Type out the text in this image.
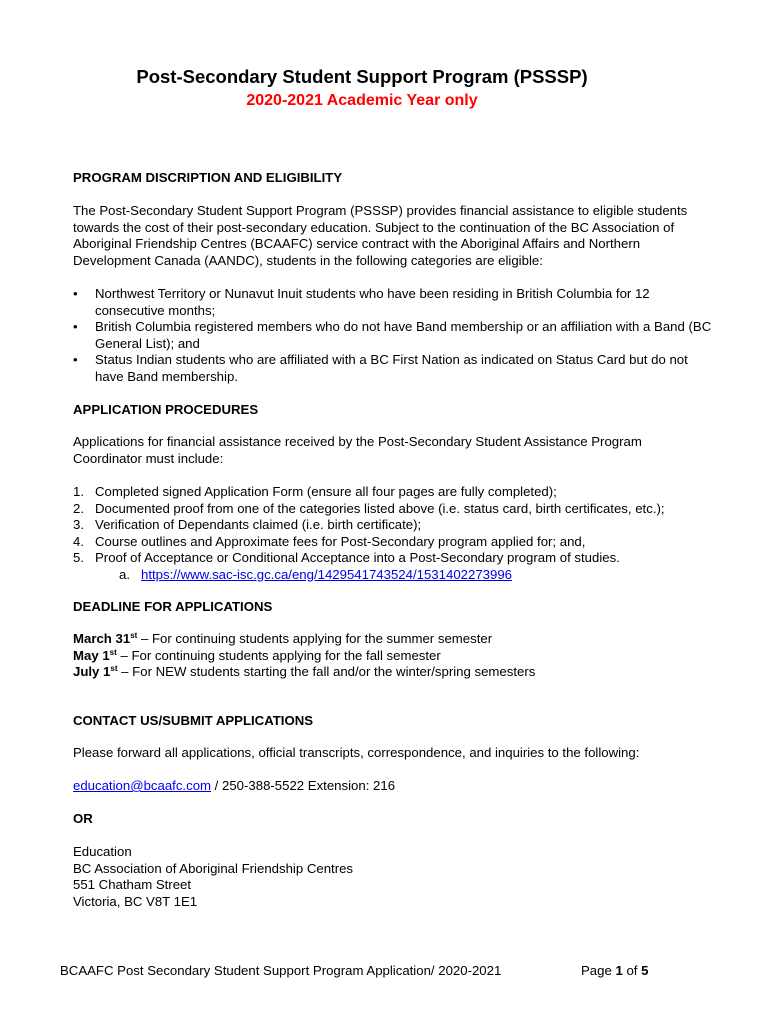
Post-Secondary Student Support Program (PSSSP)
2020-2021 Academic Year only

PROGRAM DISCRIPTION AND ELIGIBILITY

The Post-Secondary Student Support Program (PSSSP) provides financial assistance to eligible students towards the cost of their post-secondary education. Subject to the continuation of the BC Association of Aboriginal Friendship Centres (BCAAFC) service contract with the Aboriginal Affairs and Northern Development Canada (AANDC), students in the following categories are eligible:

•	Northwest Territory or Nunavut Inuit students who have been residing in British Columbia for 12 consecutive months;
•	British Columbia registered members who do not have Band membership or an affiliation with a Band (BC General List); and
•	Status Indian students who are affiliated with a BC First Nation as indicated on Status Card but do not have Band membership.

APPLICATION PROCEDURES

Applications for financial assistance received by the Post-Secondary Student Assistance Program Coordinator must include:

1. Completed signed Application Form (ensure all four pages are fully completed);
2. Documented proof from one of the categories listed above (i.e. status card, birth certificates, etc.);
3. Verification of Dependants claimed (i.e. birth certificate);
4. Course outlines and Approximate fees for Post-Secondary program applied for; and,
5. Proof of Acceptance or Conditional Acceptance into a Post-Secondary program of studies.
a. https://www.sac-isc.gc.ca/eng/1429541743524/1531402273996

DEADLINE FOR APPLICATIONS

March 31st – For continuing students applying for the summer semester

May 1st – For continuing students applying for the fall semester

July 1st – For NEW students starting the fall and/or the winter/spring semesters

CONTACT US/SUBMIT APPLICATIONS

Please forward all applications, official transcripts, correspondence, and inquiries to the following:

education@bcaafc.com / 250-388-5522 Extension: 216

OR

Education

BC Association of Aboriginal Friendship Centres

551 Chatham Street

Victoria, BC V8T 1E1

BCAAFC Post Secondary Student Support Program Application/ 2020-2021	Page 1 of 5
